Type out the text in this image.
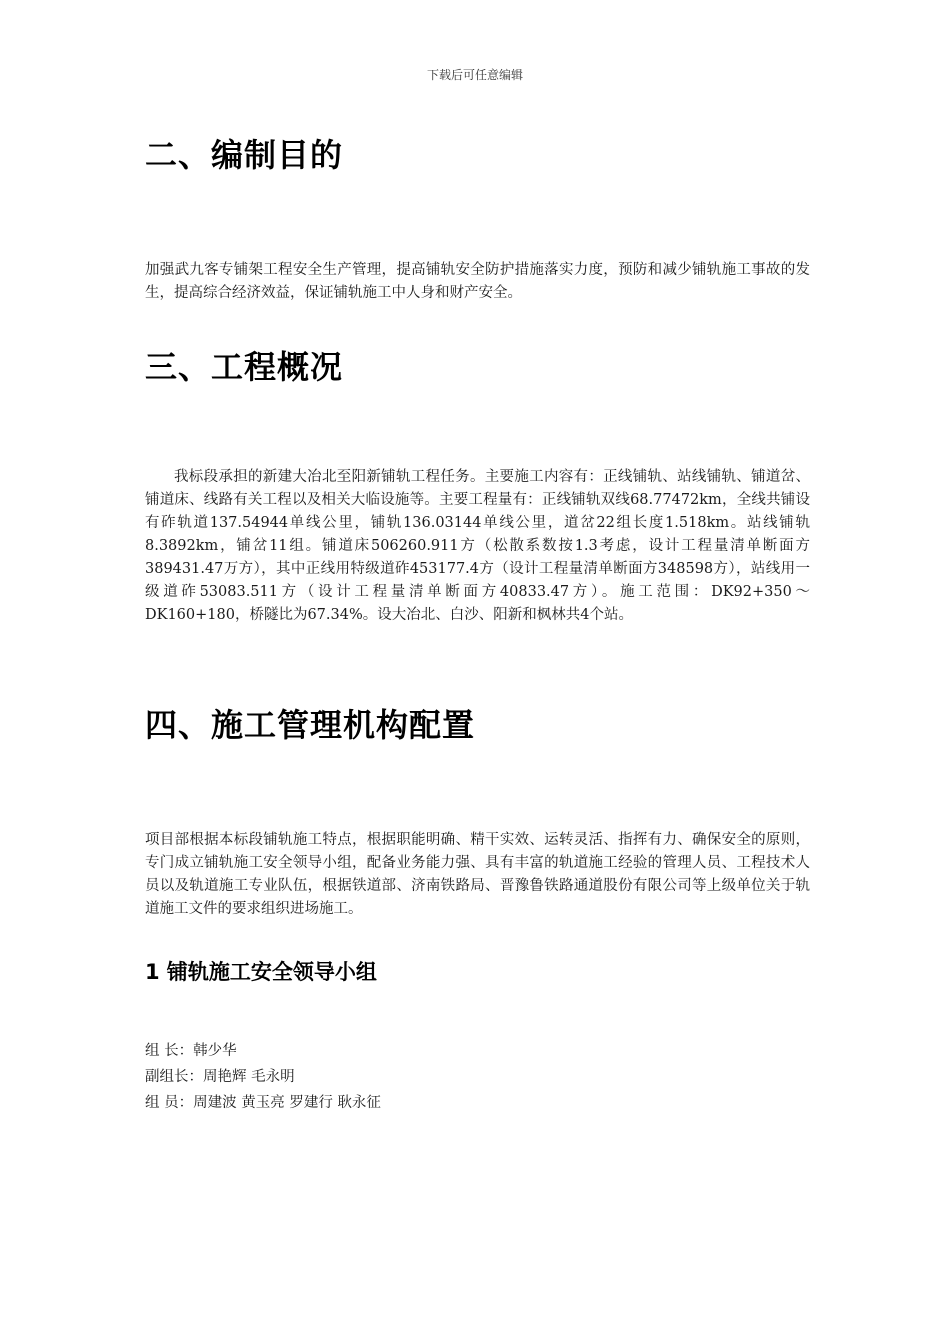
下载后可任意编辑
二、编制目的
加强武九客专铺架工程安全生产管理，提高铺轨安全防护措施落实力度，预防和减少铺轨施工事故的发生，提高综合经济效益，保证铺轨施工中人身和财产安全。
三、工程概况
我标段承担的新建大冶北至阳新铺轨工程任务。主要施工内容有：正线铺轨、站线铺轨、铺道岔、铺道床、线路有关工程以及相关大临设施等。主要工程量有：正线铺轨双线68.77472km，全线共铺设有砟轨道137.54944单线公里，铺轨136.03144单线公里，道岔22组长度1.518km。站线铺轨8.3892km，铺岔11组。铺道床506260.911方（松散系数按1.3考虑，设计工程量清单断面方389431.47万方），其中正线用特级道砟453177.4方（设计工程量清单断面方348598方），站线用一级道砟53083.511方（设计工程量清单断面方40833.47方）。施工范围：DK92+350～DK160+180，桥隧比为67.34%。设大冶北、白沙、阳新和枫林共4个站。
四、施工管理机构配置
项目部根据本标段铺轨施工特点，根据职能明确、精干实效、运转灵活、指挥有力、确保安全的原则，专门成立铺轨施工安全领导小组，配备业务能力强、具有丰富的轨道施工经验的管理人员、工程技术人员以及轨道施工专业队伍，根据铁道部、济南铁路局、晋豫鲁铁路通道股份有限公司等上级单位关于轨道施工文件的要求组织进场施工。
1 铺轨施工安全领导小组
组 长：韩少华
副组长：周艳辉 毛永明
组 员：周建波 黄玉亮 罗建行 耿永征
